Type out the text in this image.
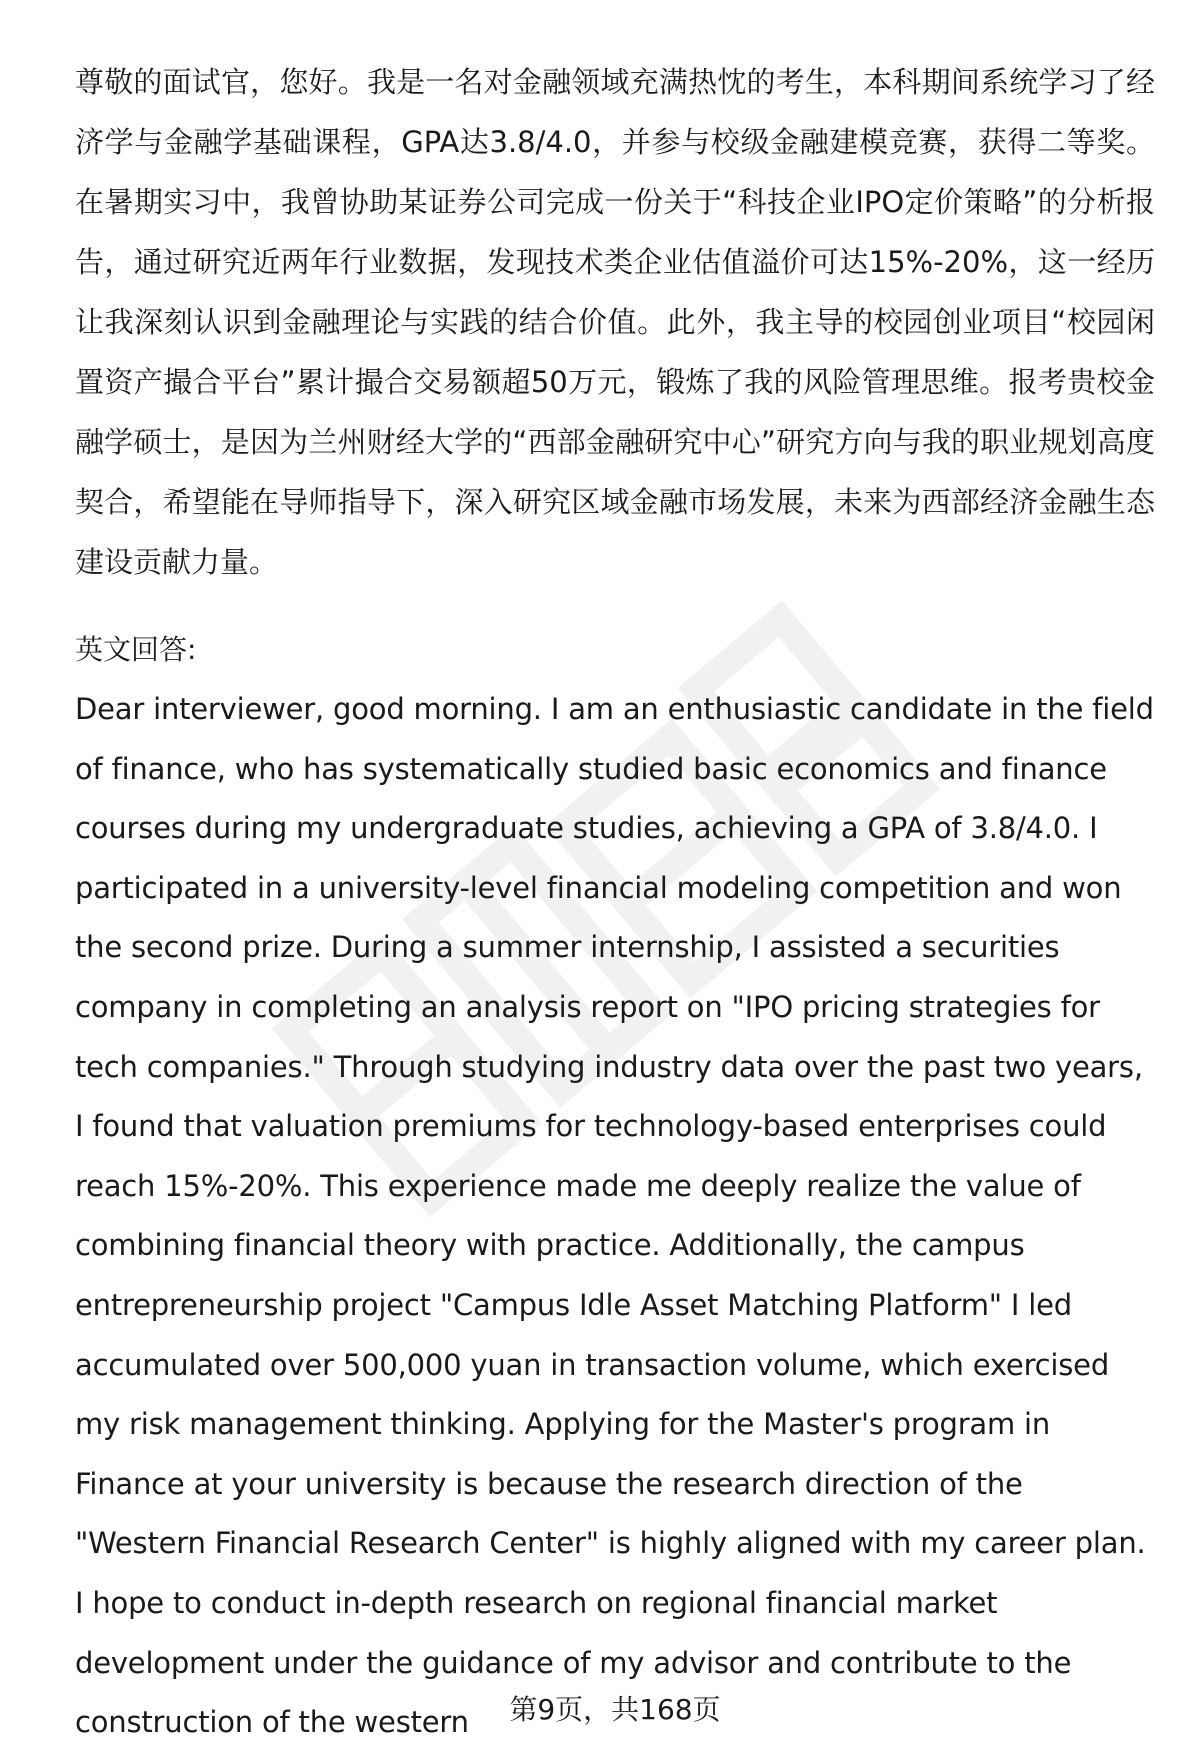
尊敬的面试官，您好。我是一名对金融领域充满热忱的考生，本科期间系统学习了经济学与金融学基础课程，GPA达3.8/4.0，并参与校级金融建模竞赛，获得二等奖。在暑期实习中，我曾协助某证券公司完成一份关于“科技企业IPO定价策略”的分析报告，通过研究近两年行业数据，发现技术类企业估值溢价可达15%-20%，这一经历让我深刻认识到金融理论与实践的结合价值。此外，我主导的校园创业项目“校园闲置资产撮合平台”累计撮合交易额超50万元，锻炼了我的风险管理思维。报考贵校金融学硕士，是因为兰州财经大学的“西部金融研究中心”研究方向与我的职业规划高度契合，希望能在导师指导下，深入研究区域金融市场发展，未来为西部经济金融生态建设贡献力量。

英文回答:

Dear interviewer, good morning. I am an enthusiastic candidate in the field of finance, who has systematically studied basic economics and finance courses during my undergraduate studies, achieving a GPA of 3.8/4.0. I participated in a university-level financial modeling competition and won the second prize. During a summer internship, I assisted a securities company in completing an analysis report on "IPO pricing strategies for tech companies." Through studying industry data over the past two years, I found that valuation premiums for technology-based enterprises could reach 15%-20%. This experience made me deeply realize the value of combining financial theory with practice. Additionally, the campus entrepreneurship project "Campus Idle Asset Matching Platform" I led accumulated over 500,000 yuan in transaction volume, which exercised my risk management thinking. Applying for the Master's program in Finance at your university is because the research direction of the "Western Financial Research Center" is highly aligned with my career plan. I hope to conduct in-depth research on regional financial market development under the guidance of my advisor and contribute to the construction of the western	第9页，共168页
